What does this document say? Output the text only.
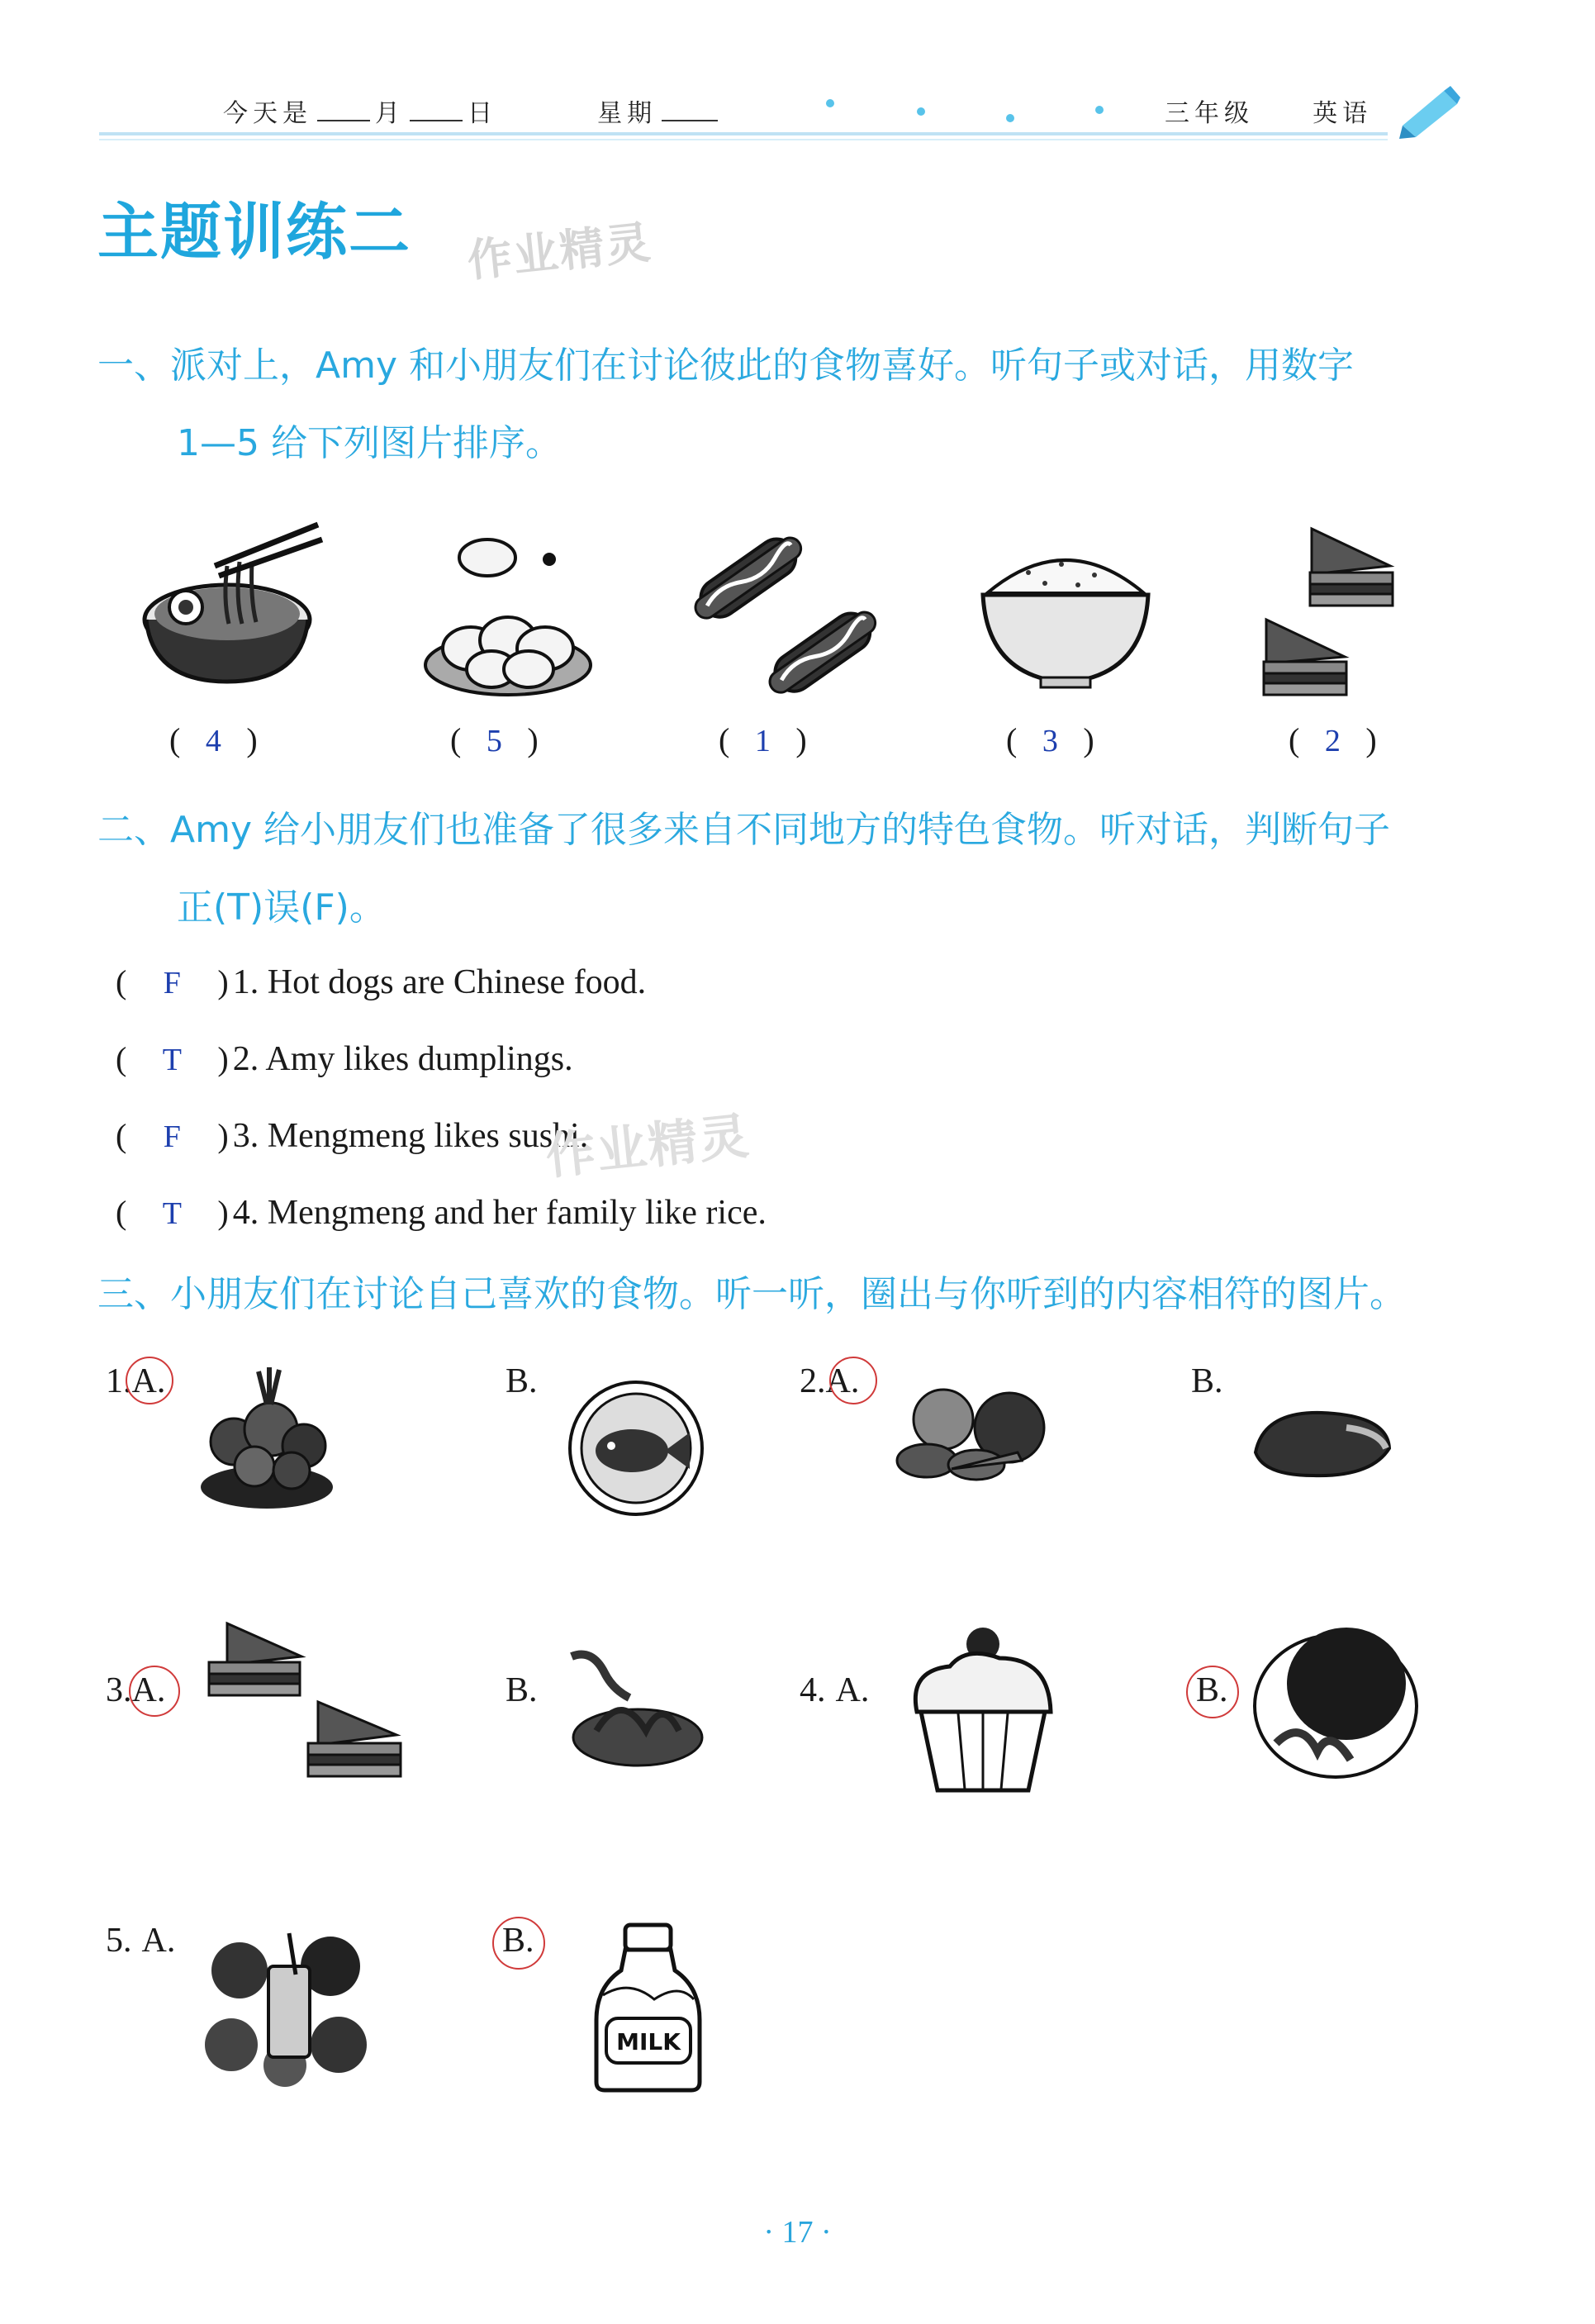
今天是	月	日	星期	三年级 英语
主题训练二 作业精灵
一、派对上，Amy 和小朋友们在讨论彼此的食物喜好。听句子或对话，用数字
1—5 给下列图片排序。
( 4 )	( 5 )	( 1 )	( 3 )	( 2 )
二、Amy 给小朋友们也准备了很多来自不同地方的特色食物。听对话，判断句子
正(T)误(F)。
( F ) 1. Hot dogs are Chinese food.
( T ) 2. Amy likes dumplings.
( F ) 3. Mengmeng likes sushi.
( T ) 4. Mengmeng and her family like rice.
作业精灵
三、小朋友们在讨论自己喜欢的食物。听一听，圈出与你听到的内容相符的图片。
1.A.	B.	2.A.	B.
3.A.	B.	4. A.	B.
5. A.	B.
MILK
· 17 ·
